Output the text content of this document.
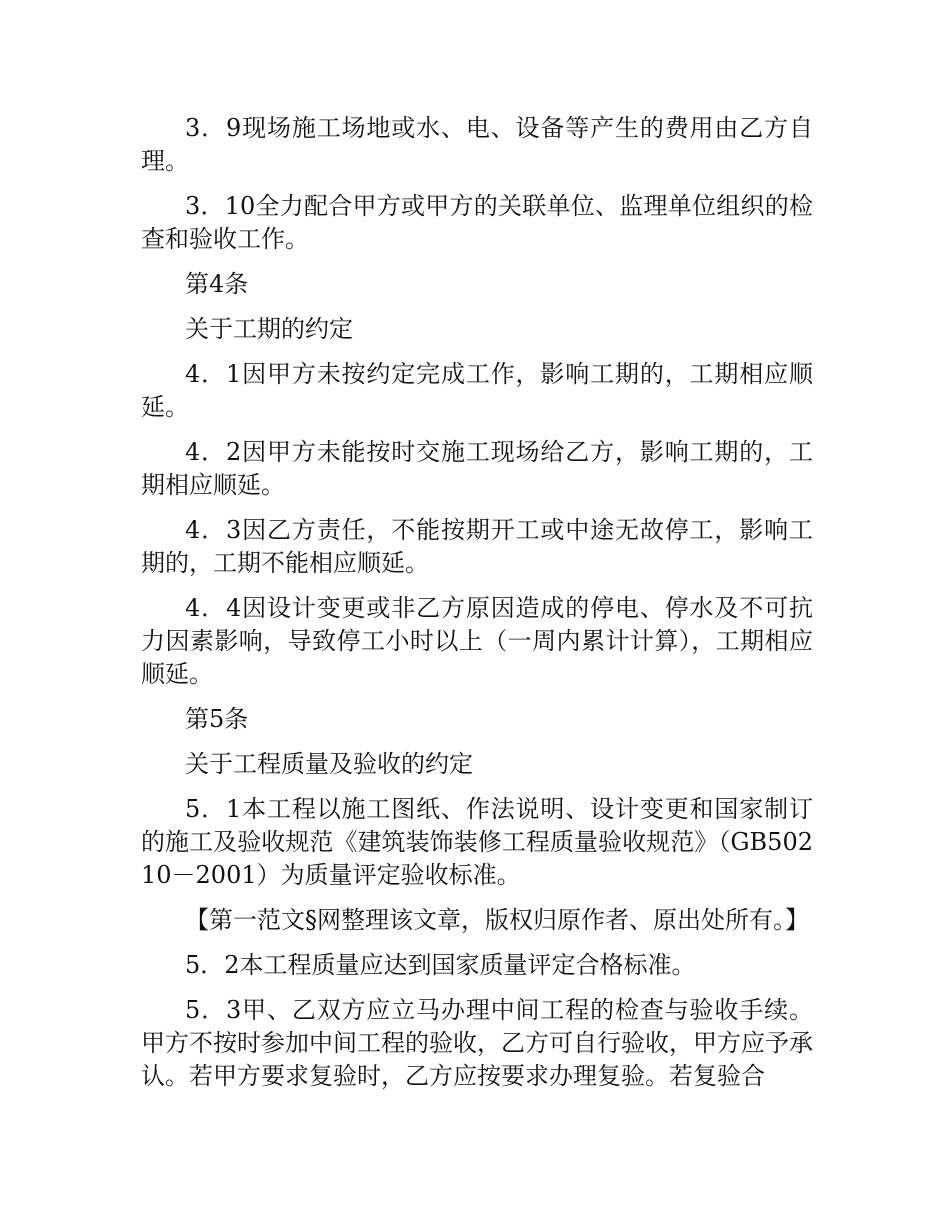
3．9现场施工场地或水、电、设备等产生的费用由乙方自理。

3．10全力配合甲方或甲方的关联单位、监理单位组织的检查和验收工作。

第4条

关于工期的约定

4．1因甲方未按约定完成工作，影响工期的，工期相应顺延。

4．2因甲方未能按时交施工现场给乙方，影响工期的，工期相应顺延。

4．3因乙方责任，不能按期开工或中途无故停工，影响工期的，工期不能相应顺延。

4．4因设计变更或非乙方原因造成的停电、停水及不可抗力因素影响，导致停工小时以上（一周内累计计算），工期相应顺延。

第5条

关于工程质量及验收的约定

5．1本工程以施工图纸、作法说明、设计变更和国家制订的施工及验收规范《建筑装饰装修工程质量验收规范》（GB50210－2001）为质量评定验收标准。

【第一范文§网整理该文章，版权归原作者、原出处所有。】

5．2本工程质量应达到国家质量评定合格标准。

5．3甲、乙双方应立马办理中间工程的检查与验收手续。甲方不按时参加中间工程的验收，乙方可自行验收，甲方应予承认。若甲方要求复验时，乙方应按要求办理复验。若复验合
